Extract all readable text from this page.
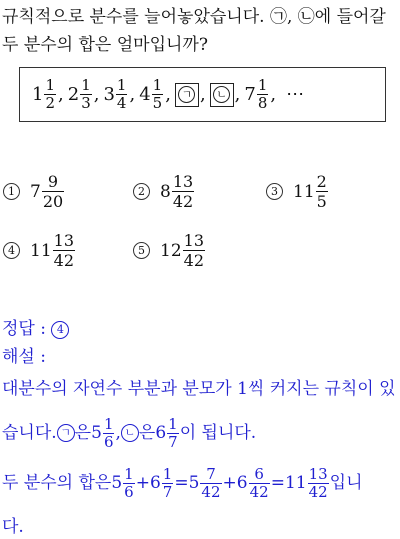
규칙적으로 분수를 늘어놓았습니다. ㉠, ㉡에 들어갈
두 분수의 합은 얼마입니까?
$1 \frac{1}{2}$ , $2 \frac{1}{3}$ , $3 \frac{1}{4}$ , $4 \frac{1}{5}$ , ㄱ , ㄴ , $7 \frac{1}{8}$ , ⋯
1 $7 \frac{9}{20}$	2 $8 \frac{13}{42}$	3 $11 \frac{2}{5}$
4 $11 \frac{13}{42}$	5 $12 \frac{13}{42}$
정답 : 4
해설 :
대분수의 자연수 부분과 분모가 1씩 커지는 규칙이 있
습니다. ㄱ 은 $5 \frac{1}{6}$ , ㄴ 은 $6 \frac{1}{7}$ 이 됩니다.
두 분수의 합은 $5 \frac{1}{6} + 6 \frac{1}{7} = 5 \frac{7}{42} + 6 \frac{6}{42} = 11 \frac{13}{42}$ 입니
다.
